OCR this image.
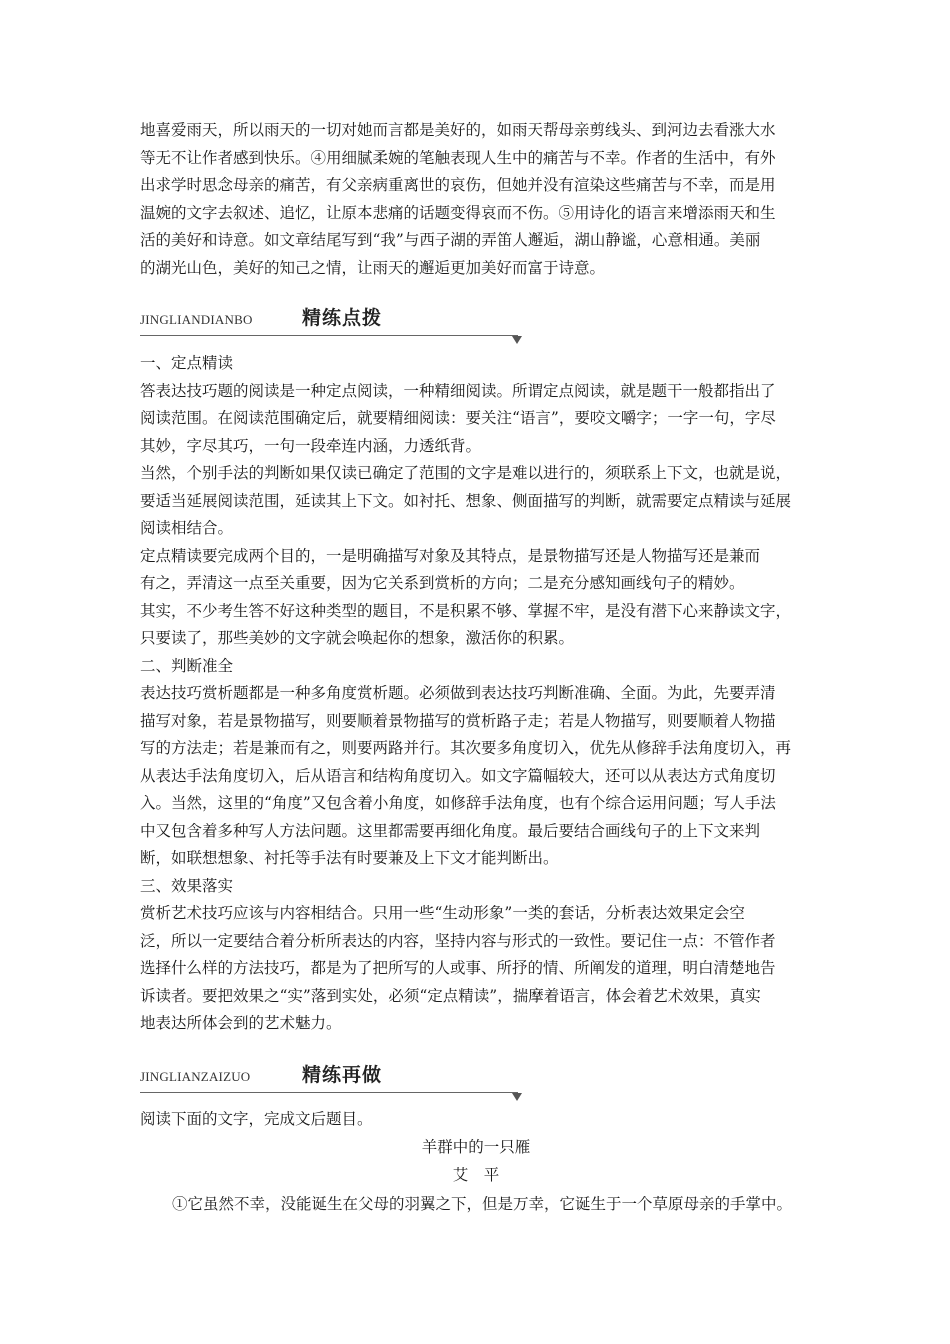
地喜爱雨天，所以雨天的一切对她而言都是美好的，如雨天帮母亲剪线头、到河边去看涨大水
等无不让作者感到快乐。④用细腻柔婉的笔触表现人生中的痛苦与不幸。作者的生活中，有外
出求学时思念母亲的痛苦，有父亲病重离世的哀伤，但她并没有渲染这些痛苦与不幸，而是用
温婉的文字去叙述、追忆，让原本悲痛的话题变得哀而不伤。⑤用诗化的语言来增添雨天和生
活的美好和诗意。如文章结尾写到“我”与西子湖的弄笛人邂逅，湖山静谧，心意相通。美丽
的湖光山色，美好的知己之情，让雨天的邂逅更加美好而富于诗意。
JINGLIANDIANBO	精练点拨
一、定点精读
答表达技巧题的阅读是一种定点阅读，一种精细阅读。所谓定点阅读，就是题干一般都指出了
阅读范围。在阅读范围确定后，就要精细阅读：要关注“语言”，要咬文嚼字；一字一句，字尽
其妙，字尽其巧，一句一段牵连内涵，力透纸背。
当然，个别手法的判断如果仅读已确定了范围的文字是难以进行的，须联系上下文，也就是说，
要适当延展阅读范围，延读其上下文。如衬托、想象、侧面描写的判断，就需要定点精读与延展
阅读相结合。
定点精读要完成两个目的，一是明确描写对象及其特点，是景物描写还是人物描写还是兼而
有之，弄清这一点至关重要，因为它关系到赏析的方向；二是充分感知画线句子的精妙。
其实，不少考生答不好这种类型的题目，不是积累不够、掌握不牢，是没有潜下心来静读文字，
只要读了，那些美妙的文字就会唤起你的想象，激活你的积累。
二、判断准全
表达技巧赏析题都是一种多角度赏析题。必须做到表达技巧判断准确、全面。为此，先要弄清
描写对象，若是景物描写，则要顺着景物描写的赏析路子走；若是人物描写，则要顺着人物描
写的方法走；若是兼而有之，则要两路并行。其次要多角度切入，优先从修辞手法角度切入，再
从表达手法角度切入，后从语言和结构角度切入。如文字篇幅较大，还可以从表达方式角度切
入。当然，这里的“角度”又包含着小角度，如修辞手法角度，也有个综合运用问题；写人手法
中又包含着多种写人方法问题。这里都需要再细化角度。最后要结合画线句子的上下文来判
断，如联想想象、衬托等手法有时要兼及上下文才能判断出。
三、效果落实
赏析艺术技巧应该与内容相结合。只用一些“生动形象”一类的套话，分析表达效果定会空
泛，所以一定要结合着分析所表达的内容，坚持内容与形式的一致性。要记住一点：不管作者
选择什么样的方法技巧，都是为了把所写的人或事、所抒的情、所阐发的道理，明白清楚地告
诉读者。要把效果之“实”落到实处，必须“定点精读”，揣摩着语言，体会着艺术效果，真实
地表达所体会到的艺术魅力。
JINGLIANZAIZUO	精练再做
阅读下面的文字，完成文后题目。
羊群中的一只雁
艾　平
①它虽然不幸，没能诞生在父母的羽翼之下，但是万幸，它诞生于一个草原母亲的手掌中。
